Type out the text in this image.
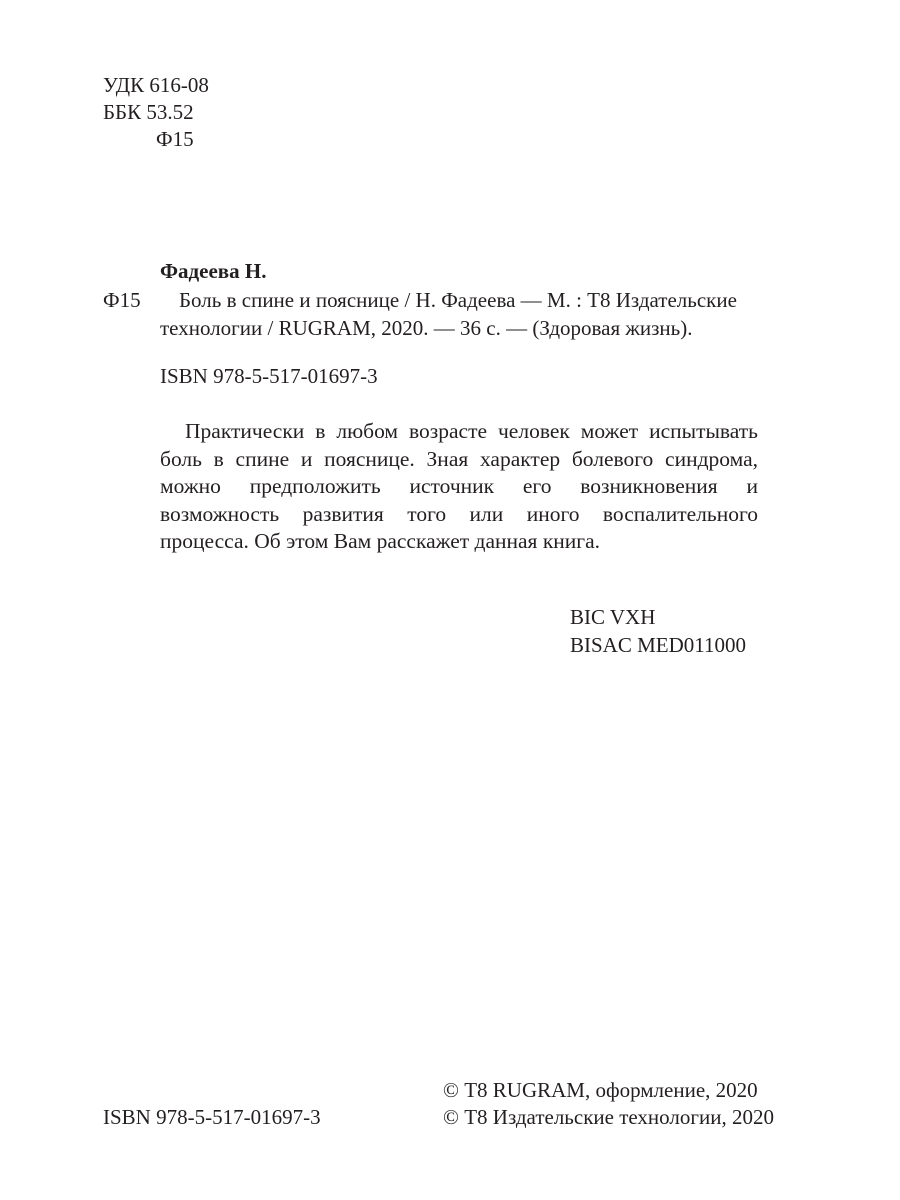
УДК 616-08
ББК 53.52
Ф15
Фадеева Н.
Ф15 Боль в спине и пояснице / Н. Фадеева — М. : Т8 Издательские
технологии / RUGRAM, 2020. — 36 с. — (Здоровая жизнь).
ISBN 978-5-517-01697-3
Практически в любом возрасте человек может испытывать боль в спине и пояснице. Зная характер болевого синдрома, можно предположить источник его возникновения и возможность развития того или иного воспалительного процесса. Об этом Вам расскажет данная книга.
BIC VXH
BISAC MED011000
© Т8 RUGRAM, оформление, 2020
© Т8 Издательские технологии, 2020
ISBN 978-5-517-01697-3
